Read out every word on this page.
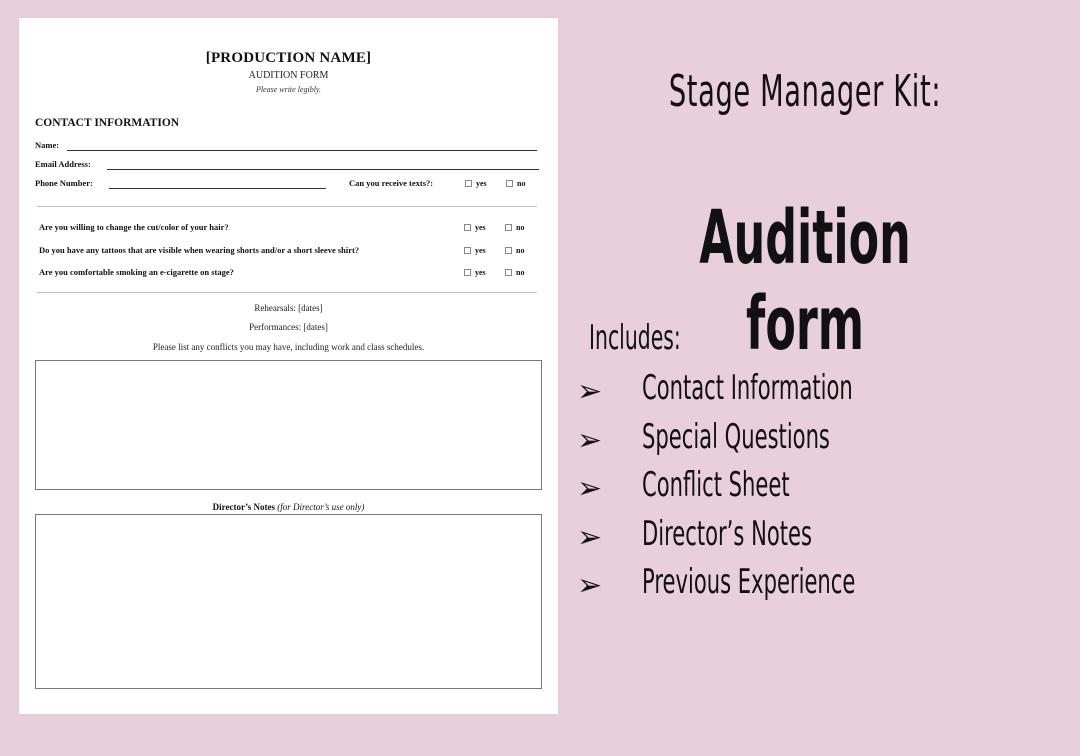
[PRODUCTION NAME]
AUDITION FORM
Please write legibly.
CONTACT INFORMATION
Name:
Email Address:
Phone Number:	Can you receive texts?:	yes	no
Are you willing to change the cut/color of your hair?	yes	no
Do you have any tattoos that are visible when wearing shorts and/or a short sleeve shirt?	yes	no
Are you comfortable smoking an e-cigarette on stage?	yes	no
Rehearsals: [dates]
Performances: [dates]
Please list any conflicts you may have, including work and class schedules.
Director’s Notes (for Director’s use only)
Stage Manager Kit:
Audition form
Includes:
➢ Contact Information
➢ Special Questions
➢ Conflict Sheet
➢ Director’s Notes
➢ Previous Experience
